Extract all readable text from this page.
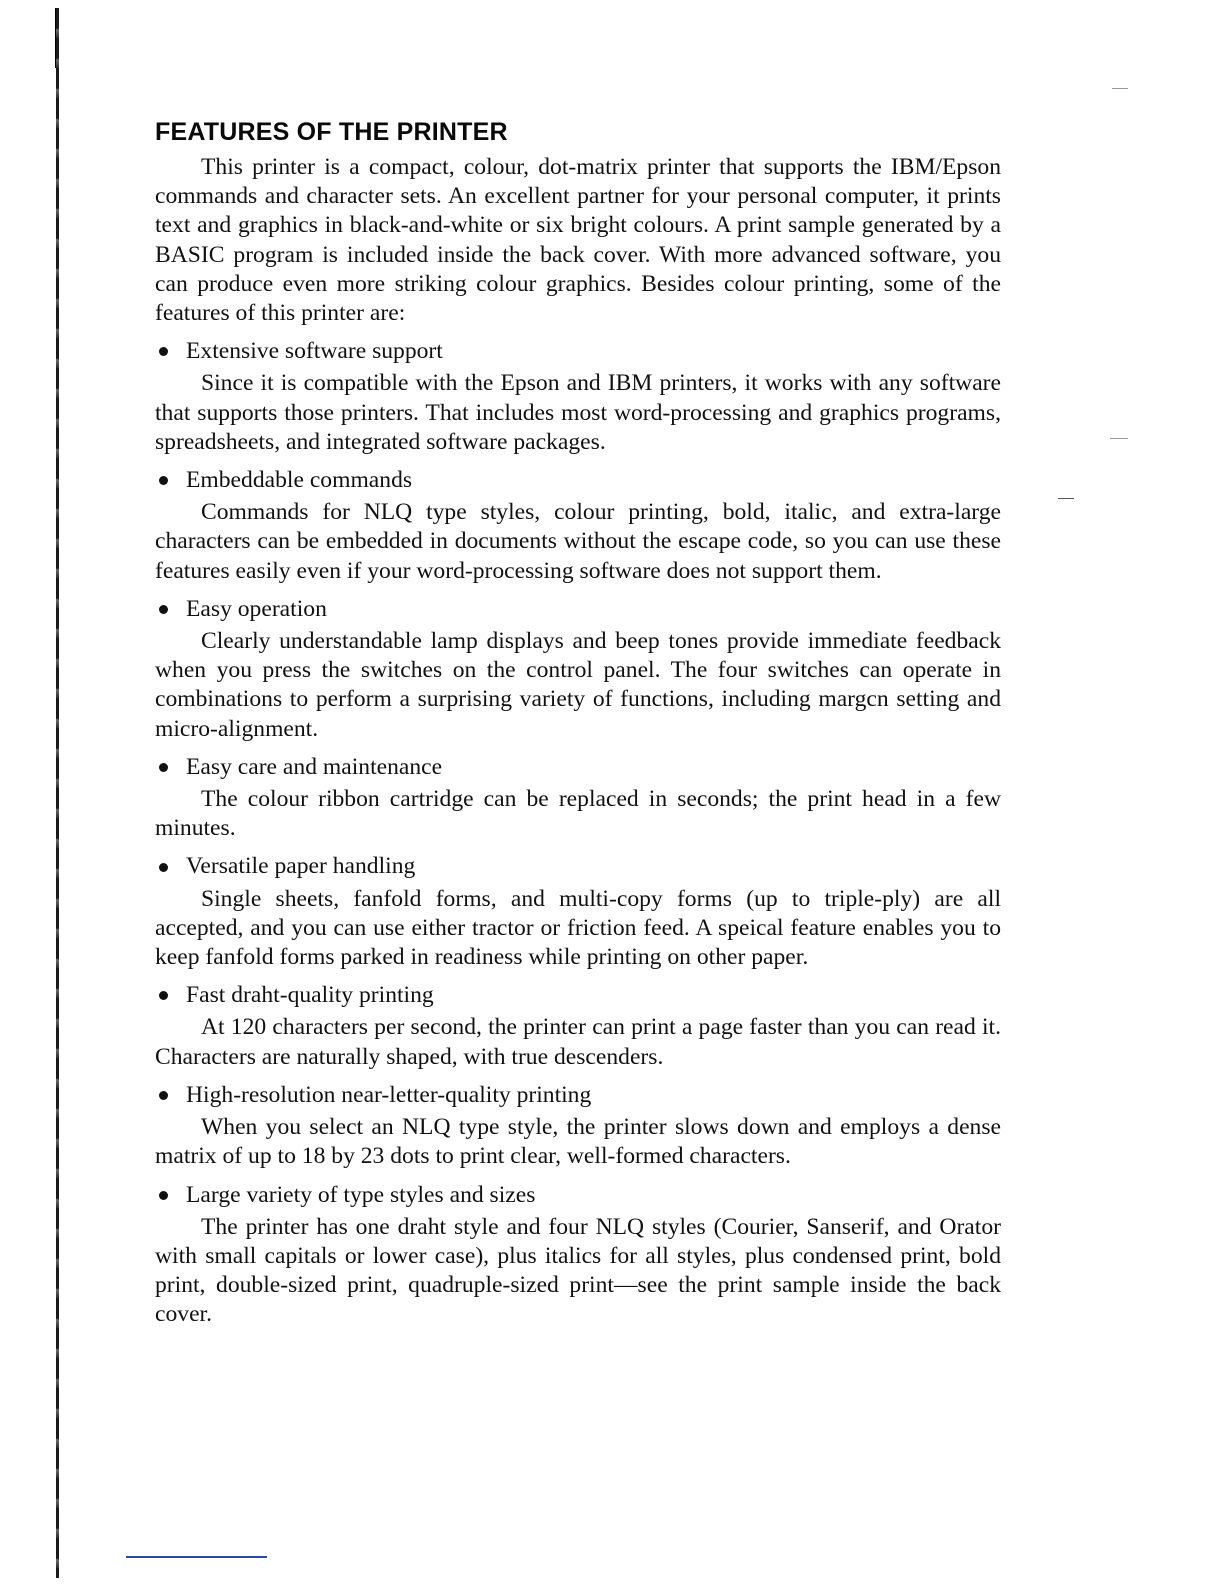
FEATURES OF THE PRINTER

This printer is a compact, colour, dot-matrix printer that supports the IBM/Epson commands and character sets. An excellent partner for your personal computer, it prints text and graphics in black-and-white or six bright colours. A print sample generated by a BASIC program is included inside the back cover. With more advanced software, you can produce even more striking colour graphics. Besides colour printing, some of the features of this printer are:

Extensive software support

Since it is compatible with the Epson and IBM printers, it works with any software that supports those printers. That includes most word-processing and graphics programs, spreadsheets, and integrated software packages.

Embeddable commands

Commands for NLQ type styles, colour printing, bold, italic, and extra-large characters can be embedded in documents without the escape code, so you can use these features easily even if your word-processing software does not support them.

Easy operation

Clearly understandable lamp displays and beep tones provide immediate feedback when you press the switches on the control panel. The four switches can operate in combinations to perform a surprising variety of functions, including margcn setting and micro-alignment.

Easy care and maintenance

The colour ribbon cartridge can be replaced in seconds; the print head in a few minutes.

Versatile paper handling

Single sheets, fanfold forms, and multi-copy forms (up to triple-ply) are all accepted, and you can use either tractor or friction feed. A speical feature enables you to keep fanfold forms parked in readiness while printing on other paper.

Fast draht-quality printing

At 120 characters per second, the printer can print a page faster than you can read it. Characters are naturally shaped, with true descenders.

High-resolution near-letter-quality printing

When you select an NLQ type style, the printer slows down and employs a dense matrix of up to 18 by 23 dots to print clear, well-formed characters.

Large variety of type styles and sizes

The printer has one draht style and four NLQ styles (Courier, Sanserif, and Orator with small capitals or lower case), plus italics for all styles, plus condensed print, bold print, double-sized print, quadruple-sized print—see the print sample inside the back cover.
